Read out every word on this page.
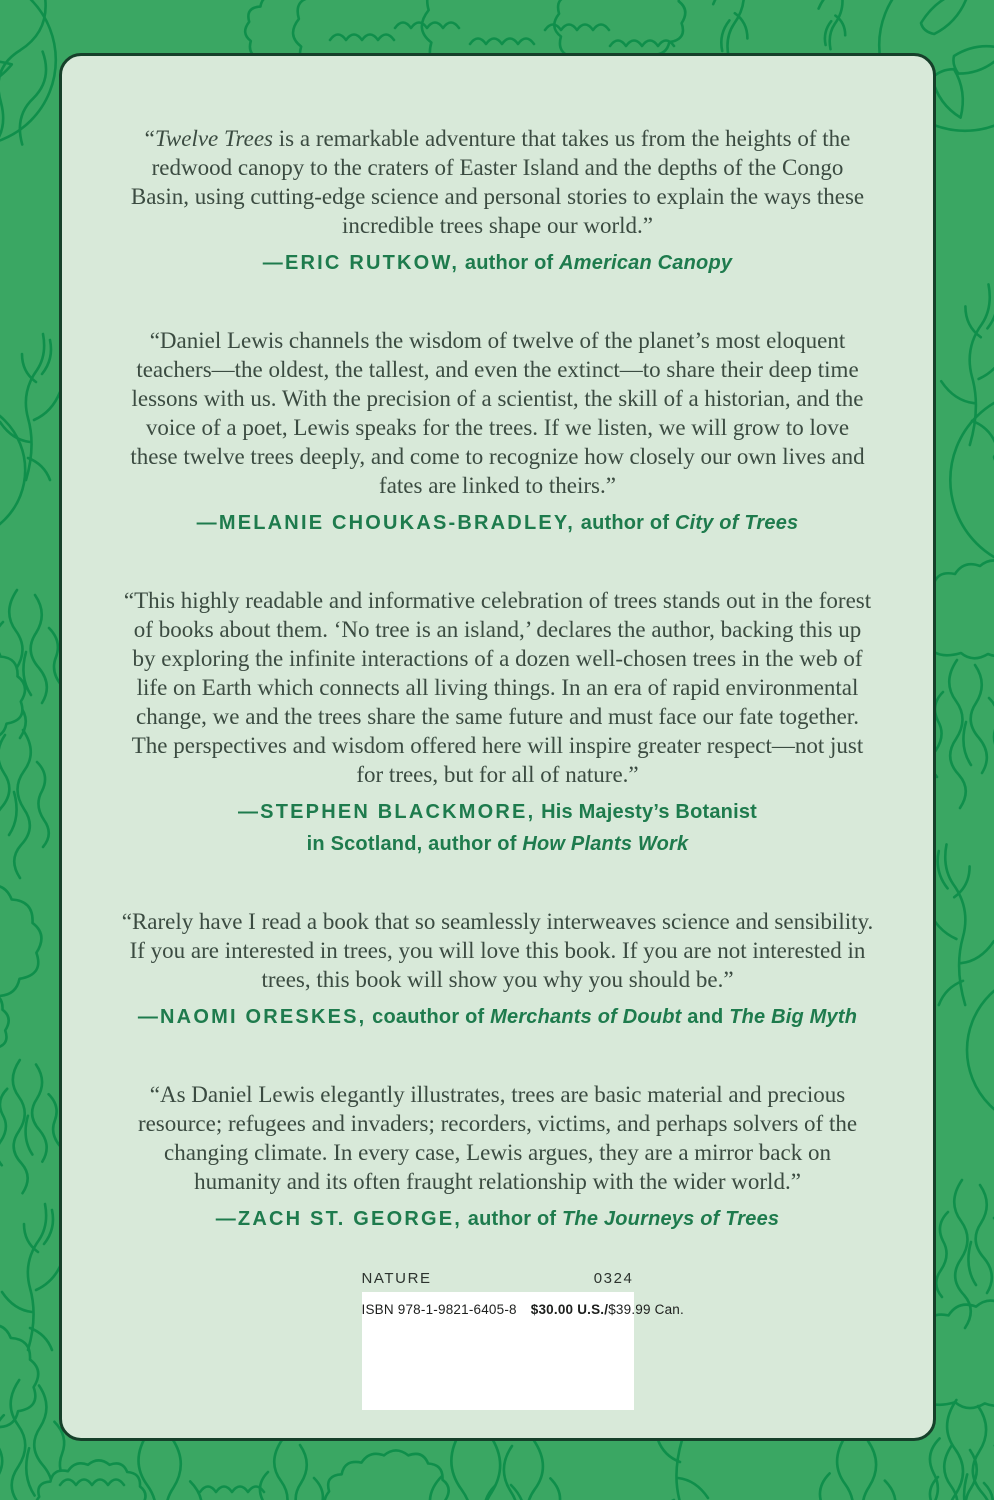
“Twelve Trees is a remarkable adventure that takes us from the heights of the redwood canopy to the craters of Easter Island and the depths of the Congo Basin, using cutting-edge science and personal stories to explain the ways these incredible trees shape our world.”

—ERIC RUTKOW, author of American Canopy

“Daniel Lewis channels the wisdom of twelve of the planet’s most eloquent teachers—the oldest, the tallest, and even the extinct—to share their deep time lessons with us. With the precision of a scientist, the skill of a historian, and the voice of a poet, Lewis speaks for the trees. If we listen, we will grow to love these twelve trees deeply, and come to recognize how closely our own lives and fates are linked to theirs.”

—MELANIE CHOUKAS-BRADLEY, author of City of Trees

“This highly readable and informative celebration of trees stands out in the forest of books about them. ‘No tree is an island,’ declares the author, backing this up by exploring the infinite interactions of a dozen well-chosen trees in the web of life on Earth which connects all living things. In an era of rapid environmental change, we and the trees share the same future and must face our fate together. The perspectives and wisdom offered here will inspire greater respect—not just for trees, but for all of nature.”

—STEPHEN BLACKMORE, His Majesty’s Botanist
in Scotland, author of How Plants Work

“Rarely have I read a book that so seamlessly interweaves science and sensibility. If you are interested in trees, you will love this book. If you are not interested in trees, this book will show you why you should be.”

—NAOMI ORESKES, coauthor of Merchants of Doubt and The Big Myth

“As Daniel Lewis elegantly illustrates, trees are basic material and precious resource; refugees and invaders; recorders, victims, and perhaps solvers of the changing climate. In every case, Lewis argues, they are a mirror back on humanity and its often fraught relationship with the wider world.”

—ZACH ST. GEORGE, author of The Journeys of Trees

NATURE	0324
ISBN 978-1-9821-6405-8 $30.00 U.S./$39.99 Can.
